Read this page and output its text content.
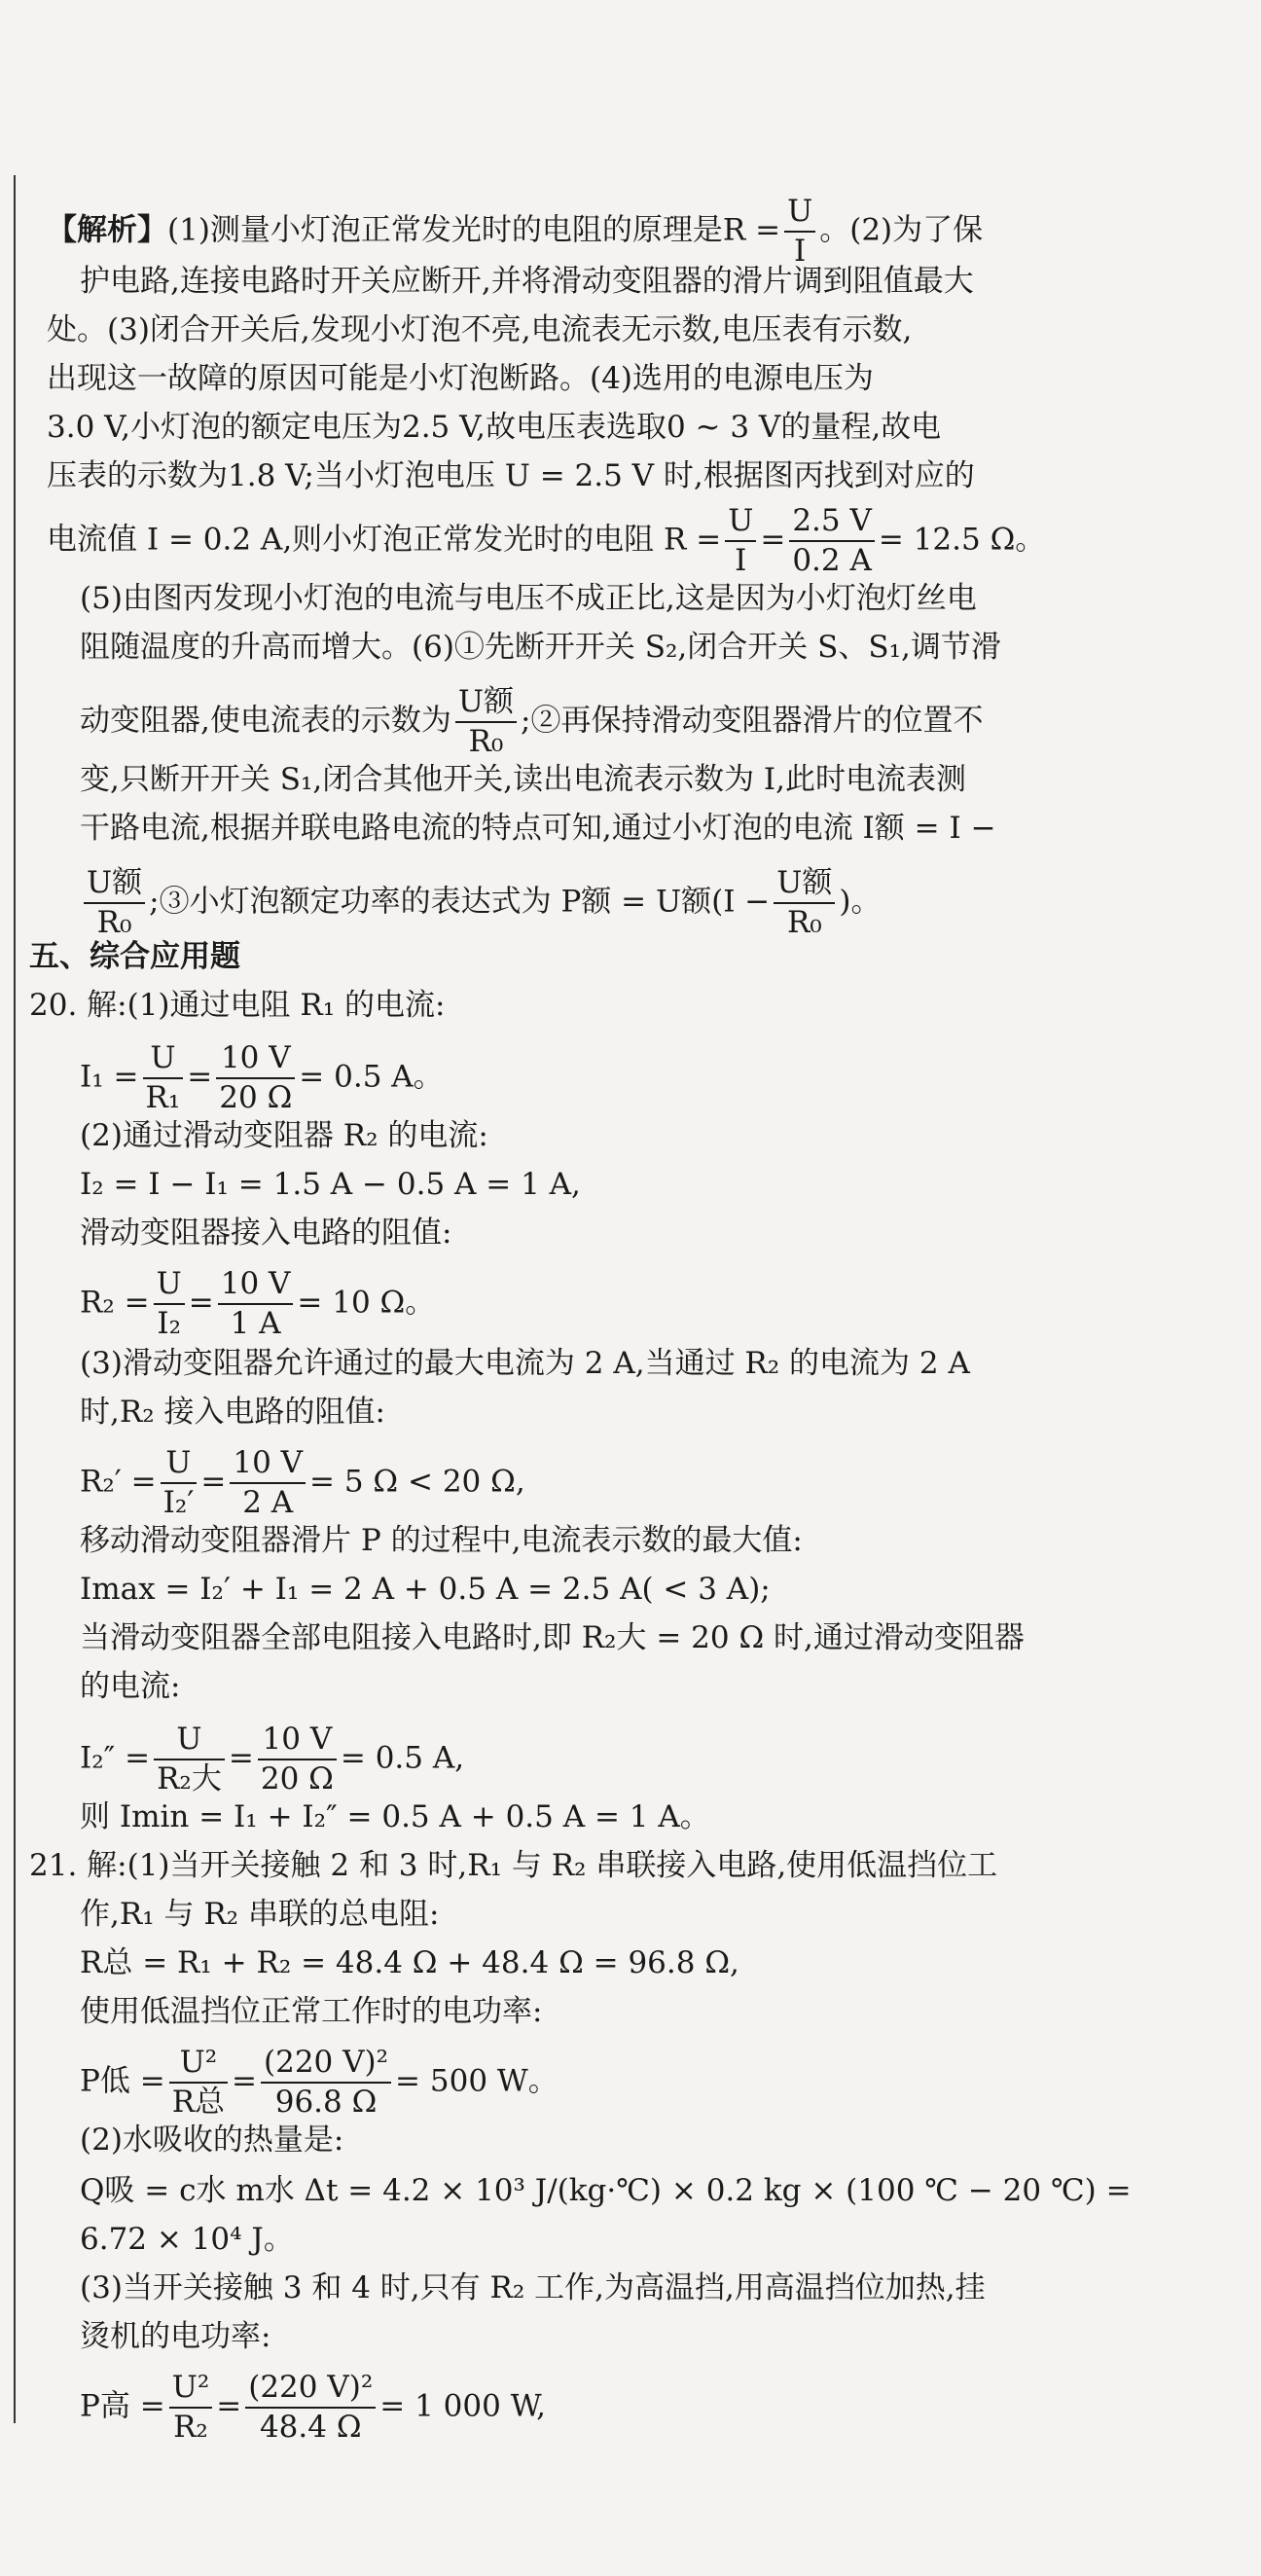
【解析】(1)测量小灯泡正常发光时的电阻的原理是$R = \frac{U}{I}$ 。(2)为了保
护电路,连接电路时开关应断开,并将滑动变阻器的滑片调到阻值最大
处。(3)闭合开关后,发现小灯泡不亮,电流表无示数,电压表有示数,
出现这一故障的原因可能是小灯泡断路。(4)选用的电源电压为
3.0 V,小灯泡的额定电压为2.5 V,故电压表选取0 ~ 3 V的量程,故电
压表的示数为1.8 V;当小灯泡电压 U = 2.5 V 时,根据图丙找到对应的
电流值 I = 0.2 A,则小灯泡正常发光时的电阻 $R = \frac{U}{I} = \frac{2.5 V}{0.2 A} = 12.5$ Ω。
(5)由图丙发现小灯泡的电流与电压不成正比,这是因为小灯泡灯丝电
阻随温度的升高而增大。(6)①先断开开关 S₂,闭合开关 S、S₁,调节滑
动变阻器,使电流表的示数为 $\frac{\text{U额}}{\text{R₀}}$ ;②再保持滑动变阻器滑片的位置不
变,只断开开关 S₁,闭合其他开关,读出电流表示数为 I,此时电流表测
干路电流,根据并联电路电流的特点可知,通过小灯泡的电流 I额 = I −
$\frac{\text{U额}}{\text{R₀}}$ ;③小灯泡额定功率的表达式为 P额 = U额($I - \frac{\text{U额}}{\text{R₀}}$ )。
五、综合应用题
20. 解:(1)通过电阻 R₁ 的电流:
$I_1 = \frac{U}{\text{R₁}} = \frac{10 V}{20 \Omega} = 0.5$ A。
(2)通过滑动变阻器 R₂ 的电流:
I₂ = I − I₁ = 1.5 A − 0.5 A = 1 A,
滑动变阻器接入电路的阻值:
$R_2 = \frac{U}{\text{I₂}} = \frac{10 V}{1 A} = 10$ Ω。
(3)滑动变阻器允许通过的最大电流为 2 A,当通过 R₂ 的电流为 2 A
时,R₂ 接入电路的阻值:
$R_2' = \frac{U}{\text{I₂′}} = \frac{10 V}{2 A} = 5$ Ω < 20 Ω,
移动滑动变阻器滑片 P 的过程中,电流表示数的最大值:
Imax = I₂′ + I₁ = 2 A + 0.5 A = 2.5 A( < 3 A);
当滑动变阻器全部电阻接入电路时,即 R₂大 = 20 Ω 时,通过滑动变阻器
的电流:
$I_2'' = \frac{U}{\text{R₂大}} = \frac{10 V}{20 \Omega} = 0.5$ A,
则 Imin = I₁ + I₂″ = 0.5 A + 0.5 A = 1 A。
21. 解:(1)当开关接触 2 和 3 时,R₁ 与 R₂ 串联接入电路,使用低温挡位工
作,R₁ 与 R₂ 串联的总电阻:
R总 = R₁ + R₂ = 48.4 Ω + 48.4 Ω = 96.8 Ω,
使用低温挡位正常工作时的电功率:
P低 = $\frac{\text{U²}}{\text{R总}} = \frac{\text{(220 V)²}}{96.8 \Omega} = 500$ W。
(2)水吸收的热量是:
Q吸 = c水 m水 Δt = 4.2 × 10³ J/(kg·℃) × 0.2 kg × (100 ℃ − 20 ℃) =
6.72 × 10⁴ J。
(3)当开关接触 3 和 4 时,只有 R₂ 工作,为高温挡,用高温挡位加热,挂
烫机的电功率:
P高 = $\frac{\text{U²}}{\text{R₂}} = \frac{\text{(220 V)²}}{48.4 \Omega} = 1$ 000 W,
